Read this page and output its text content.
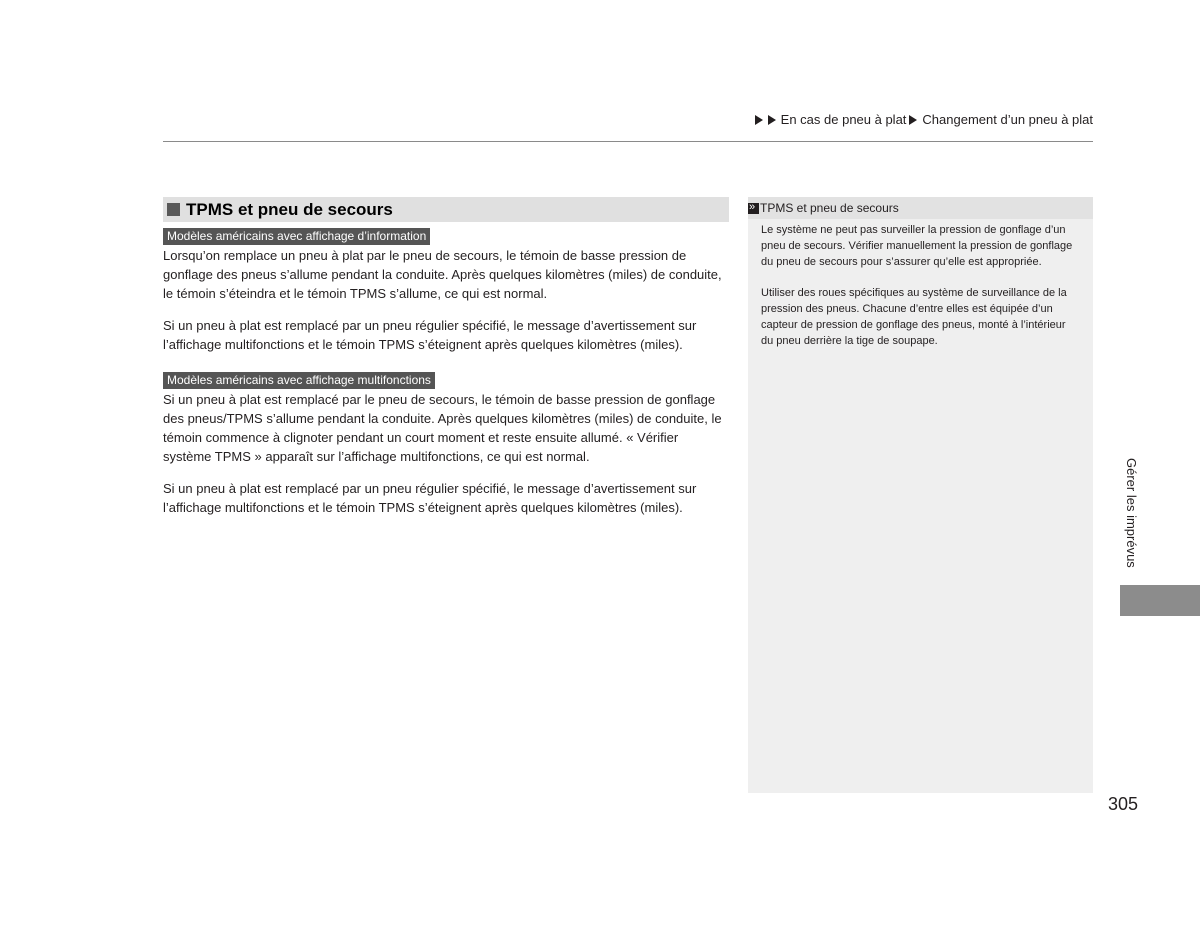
En cas de pneu à plat Changement d’un pneu à plat
TPMS et pneu de secours
Modèles américains avec affichage d’information

Lorsqu’on remplace un pneu à plat par le pneu de secours, le témoin de basse pression de gonflage des pneus s’allume pendant la conduite. Après quelques kilomètres (miles) de conduite, le témoin s’éteindra et le témoin TPMS s’allume, ce qui est normal.

Si un pneu à plat est remplacé par un pneu régulier spécifié, le message d’avertissement sur l’affichage multifonctions et le témoin TPMS s’éteignent après quelques kilomètres (miles).

Modèles américains avec affichage multifonctions

Si un pneu à plat est remplacé par le pneu de secours, le témoin de basse pression de gonflage des pneus/TPMS s’allume pendant la conduite. Après quelques kilomètres (miles) de conduite, le témoin commence à clignoter pendant un court moment et reste ensuite allumé. « Vérifier système TPMS » apparaît sur l’affichage multifonctions, ce qui est normal.

Si un pneu à plat est remplacé par un pneu régulier spécifié, le message d’avertissement sur l’affichage multifonctions et le témoin TPMS s’éteignent après quelques kilomètres (miles).

»
TPMS et pneu de secours

Le système ne peut pas surveiller la pression de gonflage d’un pneu de secours. Vérifier manuellement la pression de gonflage du pneu de secours pour s’assurer qu’elle est appropriée.

Utiliser des roues spécifiques au système de surveillance de la pression des pneus. Chacune d’entre elles est équipée d’un capteur de pression de gonflage des pneus, monté à l’intérieur du pneu derrière la tige de soupape.

Gérer les imprévus
305
